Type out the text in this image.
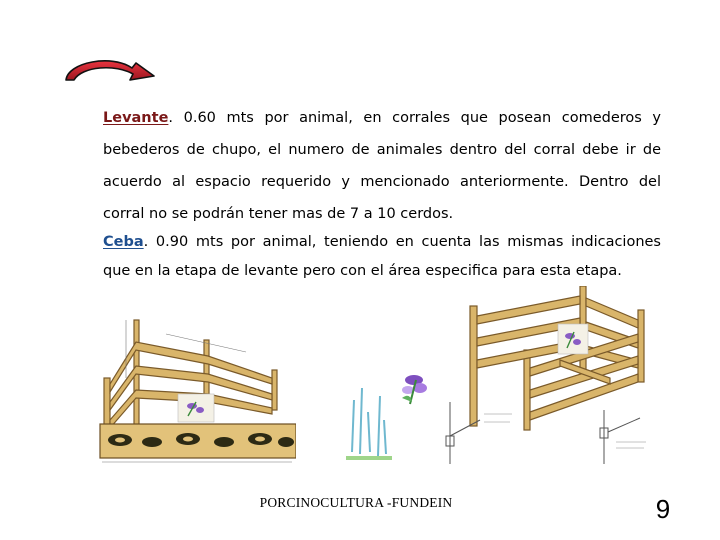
Levante. 0.60 mts por animal, en corrales que posean comederos y bebederos de chupo, el numero de animales dentro del corral debe ir de acuerdo al espacio requerido y mencionado anteriormente. Dentro del corral no se podrán tener mas de 7 a 10 cerdos.

Ceba. 0.90 mts por animal, teniendo en cuenta las mismas indicaciones que en la etapa de levante pero con el área especifica para esta etapa.

PORCINOCULTURA -FUNDEIN	9
